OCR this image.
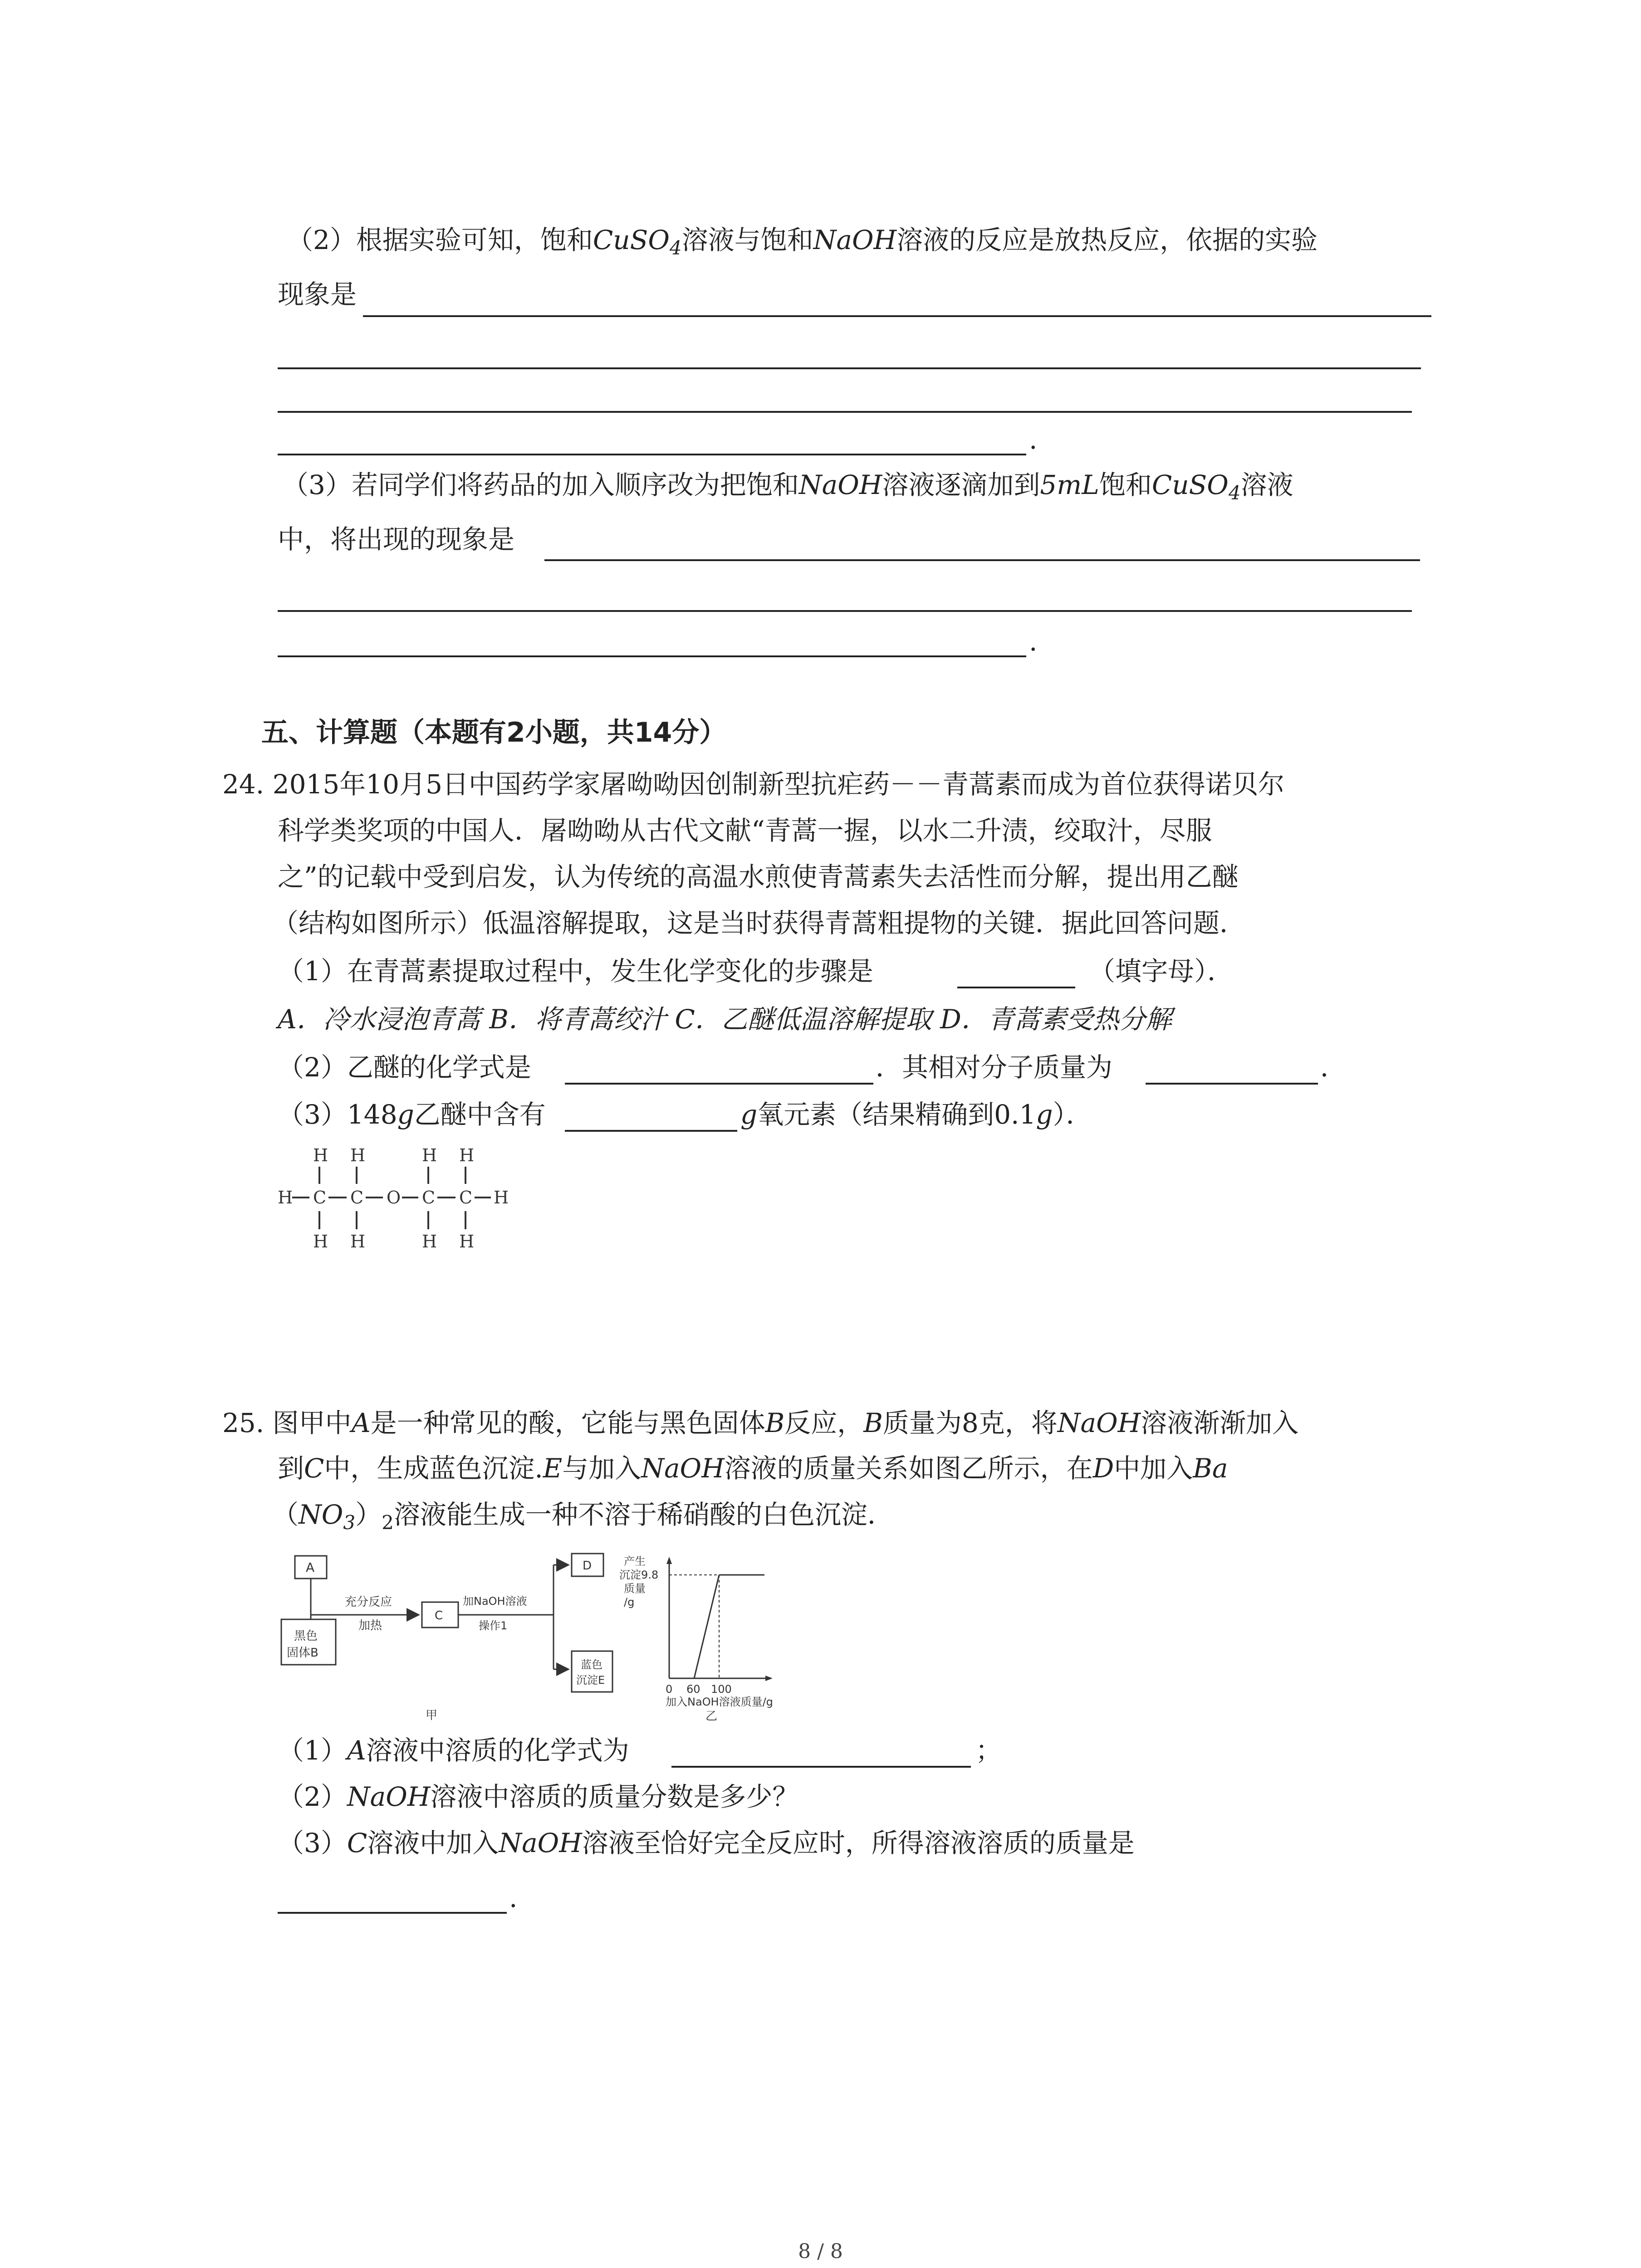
（2）根据实验可知，饱和CuSO$_4$溶液与饱和NaOH溶液的反应是放热反应，依据的实验
现象是
.
（3）若同学们将药品的加入顺序改为把饱和NaOH溶液逐滴加到5mL饱和CuSO$_4$溶液
中，将出现的现象是
.
五、计算题（本题有2小题，共14分）
24. 2015年10月5日中国药学家屠呦呦因创制新型抗疟药－－青蒿素而成为首位获得诺贝尔
科学类奖项的中国人．屠呦呦从古代文献“青蒿一握，以水二升渍，绞取汁，尽服
之”的记载中受到启发，认为传统的高温水煎使青蒿素失去活性而分解，提出用乙醚
（结构如图所示）低温溶解提取，这是当时获得青蒿粗提物的关键．据此回答问题．
（1）在青蒿素提取过程中，发生化学变化的步骤是	（填字母）．
A．冷水浸泡青蒿 B．将青蒿绞汁 C．乙醚低温溶解提取 D．青蒿素受热分解
（2）乙醚的化学式是	．其相对分子质量为	．
（3）148g乙醚中含有	g氧元素（结果精确到0.1g）．
H H	H H
H C C O C C H
H H	H H
25. 图甲中A是一种常见的酸，它能与黑色固体B反应，B质量为8克，将NaOH溶液渐渐加入
到C中，生成蓝色沉淀.E与加入NaOH溶液的质量关系如图乙所示，在D中加入Ba
$(NO_3)_2$溶液能生成一种不溶于稀硝酸的白色沉淀．
A
黑色
固体B
充分反应
加热
C
加NaOH溶液
操作1
D
蓝色
沉淀E
甲
产生
沉淀9.8
质量
/g
0 60 100
加入NaOH溶液质量/g
乙
（1）A溶液中溶质的化学式为	；
（2）NaOH溶液中溶质的质量分数是多少？
（3）C溶液中加入NaOH溶液至恰好完全反应时，所得溶液溶质的质量是
.
8 / 8
